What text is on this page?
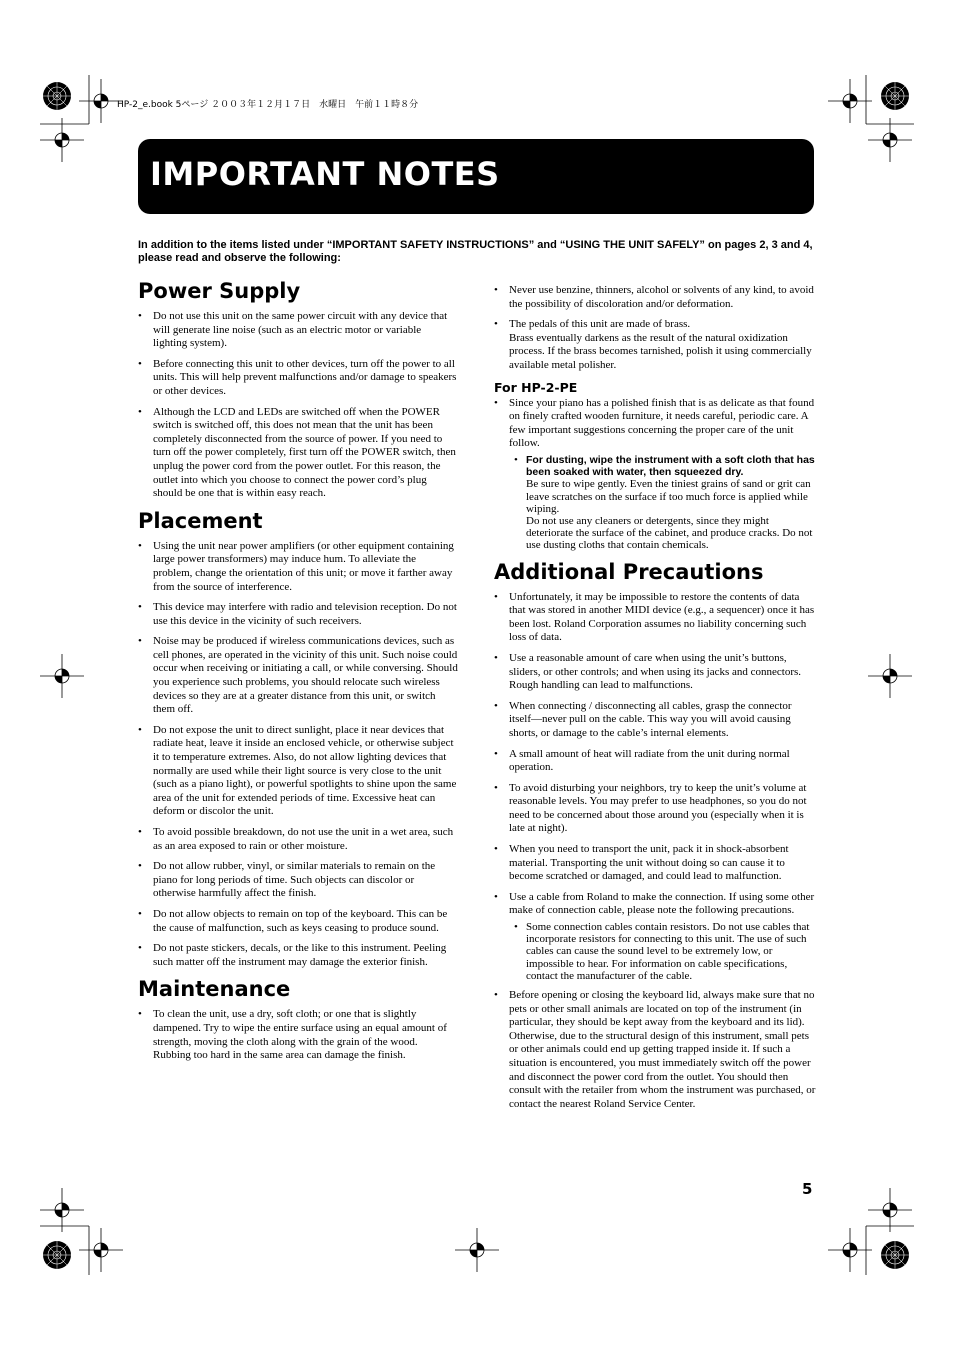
HP-2_e.book 5ページ ２００３年１２月１７日　水曜日　午前１１時８分
IMPORTANT NOTES

In addition to the items listed under “IMPORTANT SAFETY INSTRUCTIONS” and “USING THE UNIT SAFELY” on pages 2, 3 and 4, please read and observe the following:

Power Supply
• Do not use this unit on the same power circuit with any device that will generate line noise (such as an electric motor or variable lighting system).
• Before connecting this unit to other devices, turn off the power to all units. This will help prevent malfunctions and/or damage to speakers or other devices.
• Although the LCD and LEDs are switched off when the POWER switch is switched off, this does not mean that the unit has been completely disconnected from the source of power. If you need to turn off the power completely, first turn off the POWER switch, then unplug the power cord from the power outlet. For this reason, the outlet into which you choose to connect the power cord’s plug should be one that is within easy reach.
Placement
• Using the unit near power amplifiers (or other equipment containing large power transformers) may induce hum. To alleviate the problem, change the orientation of this unit; or move it farther away from the source of interference.
• This device may interfere with radio and television reception. Do not use this device in the vicinity of such receivers.
• Noise may be produced if wireless communications devices, such as cell phones, are operated in the vicinity of this unit. Such noise could occur when receiving or initiating a call, or while conversing. Should you experience such problems, you should relocate such wireless devices so they are at a greater distance from this unit, or switch them off.
• Do not expose the unit to direct sunlight, place it near devices that radiate heat, leave it inside an enclosed vehicle, or otherwise subject it to temperature extremes. Also, do not allow lighting devices that normally are used while their light source is very close to the unit (such as a piano light), or powerful spotlights to shine upon the same area of the unit for extended periods of time. Excessive heat can deform or discolor the unit.
• To avoid possible breakdown, do not use the unit in a wet area, such as an area exposed to rain or other moisture.
• Do not allow rubber, vinyl, or similar materials to remain on the piano for long periods of time. Such objects can discolor or otherwise harmfully affect the finish.
• Do not allow objects to remain on top of the keyboard. This can be the cause of malfunction, such as keys ceasing to produce sound.
• Do not paste stickers, decals, or the like to this instrument. Peeling such matter off the instrument may damage the exterior finish.
Maintenance
• To clean the unit, use a dry, soft cloth; or one that is slightly dampened. Try to wipe the entire surface using an equal amount of strength, moving the cloth along with the grain of the wood. Rubbing too hard in the same area can damage the finish.
• Never use benzine, thinners, alcohol or solvents of any kind, to avoid the possibility of discoloration and/or deformation.
• The pedals of this unit are made of brass.
Brass eventually darkens as the result of the natural oxidization process. If the brass becomes tarnished, polish it using commercially available metal polisher.
For HP-2-PE
• Since your piano has a polished finish that is as delicate as that found on finely crafted wooden furniture, it needs careful, periodic care. A few important suggestions concerning the proper care of the unit follow.
• For dusting, wipe the instrument with a soft cloth that has been soaked with water, then squeezed dry.
Be sure to wipe gently. Even the tiniest grains of sand or grit can leave scratches on the surface if too much force is applied while wiping.
Do not use any cleaners or detergents, since they might deteriorate the surface of the cabinet, and produce cracks. Do not use dusting cloths that contain chemicals.
Additional Precautions
• Unfortunately, it may be impossible to restore the contents of data that was stored in another MIDI device (e.g., a sequencer) once it has been lost. Roland Corporation assumes no liability concerning such loss of data.
• Use a reasonable amount of care when using the unit’s buttons, sliders, or other controls; and when using its jacks and connectors. Rough handling can lead to malfunctions.
• When connecting / disconnecting all cables, grasp the connector itself—never pull on the cable. This way you will avoid causing shorts, or damage to the cable’s internal elements.
• A small amount of heat will radiate from the unit during normal operation.
• To avoid disturbing your neighbors, try to keep the unit’s volume at reasonable levels. You may prefer to use headphones, so you do not need to be concerned about those around you (especially when it is late at night).
• When you need to transport the unit, pack it in shock-absorbent material. Transporting the unit without doing so can cause it to become scratched or damaged, and could lead to malfunction.
• Use a cable from Roland to make the connection. If using some other make of connection cable, please note the following precautions.
• Some connection cables contain resistors. Do not use cables that incorporate resistors for connecting to this unit. The use of such cables can cause the sound level to be extremely low, or impossible to hear. For information on cable specifications, contact the manufacturer of the cable.
• Before opening or closing the keyboard lid, always make sure that no pets or other small animals are located on top of the instrument (in particular, they should be kept away from the keyboard and its lid). Otherwise, due to the structural design of this instrument, small pets or other animals could end up getting trapped inside it. If such a situation is encountered, you must immediately switch off the power and disconnect the power cord from the outlet. You should then consult with the retailer from whom the instrument was purchased, or contact the nearest Roland Service Center.
5
